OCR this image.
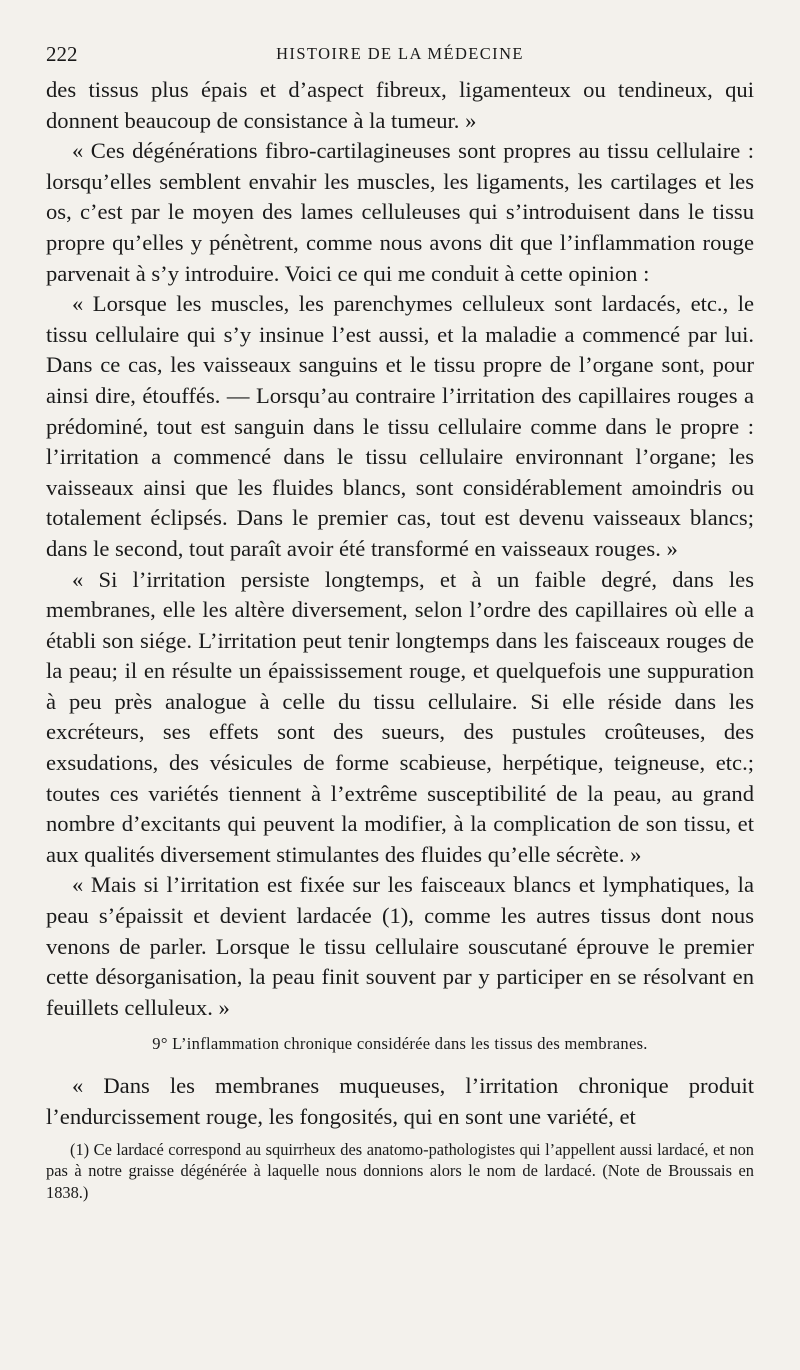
222	HISTOIRE DE LA MÉDECINE

des tissus plus épais et d’aspect fibreux, ligamenteux ou tendineux, qui donnent beaucoup de consistance à la tumeur. »

« Ces dégénérations fibro-cartilagineuses sont propres au tissu cellulaire : lorsqu’elles semblent envahir les muscles, les ligaments, les cartilages et les os, c’est par le moyen des lames celluleuses qui s’introduisent dans le tissu propre qu’elles y pénètrent, comme nous avons dit que l’inflammation rouge parvenait à s’y introduire. Voici ce qui me conduit à cette opinion :

« Lorsque les muscles, les parenchymes celluleux sont lardacés, etc., le tissu cellulaire qui s’y insinue l’est aussi, et la maladie a commencé par lui. Dans ce cas, les vaisseaux sanguins et le tissu propre de l’organe sont, pour ainsi dire, étouffés. — Lorsqu’au contraire l’irritation des capillaires rouges a prédominé, tout est sanguin dans le tissu cellulaire comme dans le propre : l’irritation a commencé dans le tissu cellulaire environnant l’organe; les vaisseaux ainsi que les fluides blancs, sont considérablement amoindris ou totalement éclipsés. Dans le premier cas, tout est devenu vaisseaux blancs; dans le second, tout paraît avoir été transformé en vaisseaux rouges. »

« Si l’irritation persiste longtemps, et à un faible degré, dans les membranes, elle les altère diversement, selon l’ordre des capillaires où elle a établi son siége. L’irritation peut tenir longtemps dans les faisceaux rouges de la peau; il en résulte un épaississement rouge, et quelquefois une suppuration à peu près analogue à celle du tissu cellulaire. Si elle réside dans les excréteurs, ses effets sont des sueurs, des pustules croûteuses, des exsudations, des vésicules de forme scabieuse, herpétique, teigneuse, etc.; toutes ces variétés tiennent à l’extrême susceptibilité de la peau, au grand nombre d’excitants qui peuvent la modifier, à la complication de son tissu, et aux qualités diversement stimulantes des fluides qu’elle sécrète. »

« Mais si l’irritation est fixée sur les faisceaux blancs et lymphatiques, la peau s’épaissit et devient lardacée (1), comme les autres tissus dont nous venons de parler. Lorsque le tissu cellulaire souscutané éprouve le premier cette désorganisation, la peau finit souvent par y participer en se résolvant en feuillets celluleux. »

9° L’inflammation chronique considérée dans les tissus des membranes.

« Dans les membranes muqueuses, l’irritation chronique produit l’endurcissement rouge, les fongosités, qui en sont une variété, et

(1) Ce lardacé correspond au squirrheux des anatomo-pathologistes qui l’appellent aussi lardacé, et non pas à notre graisse dégénérée à laquelle nous donnions alors le nom de lardacé. (Note de Broussais en 1838.)
